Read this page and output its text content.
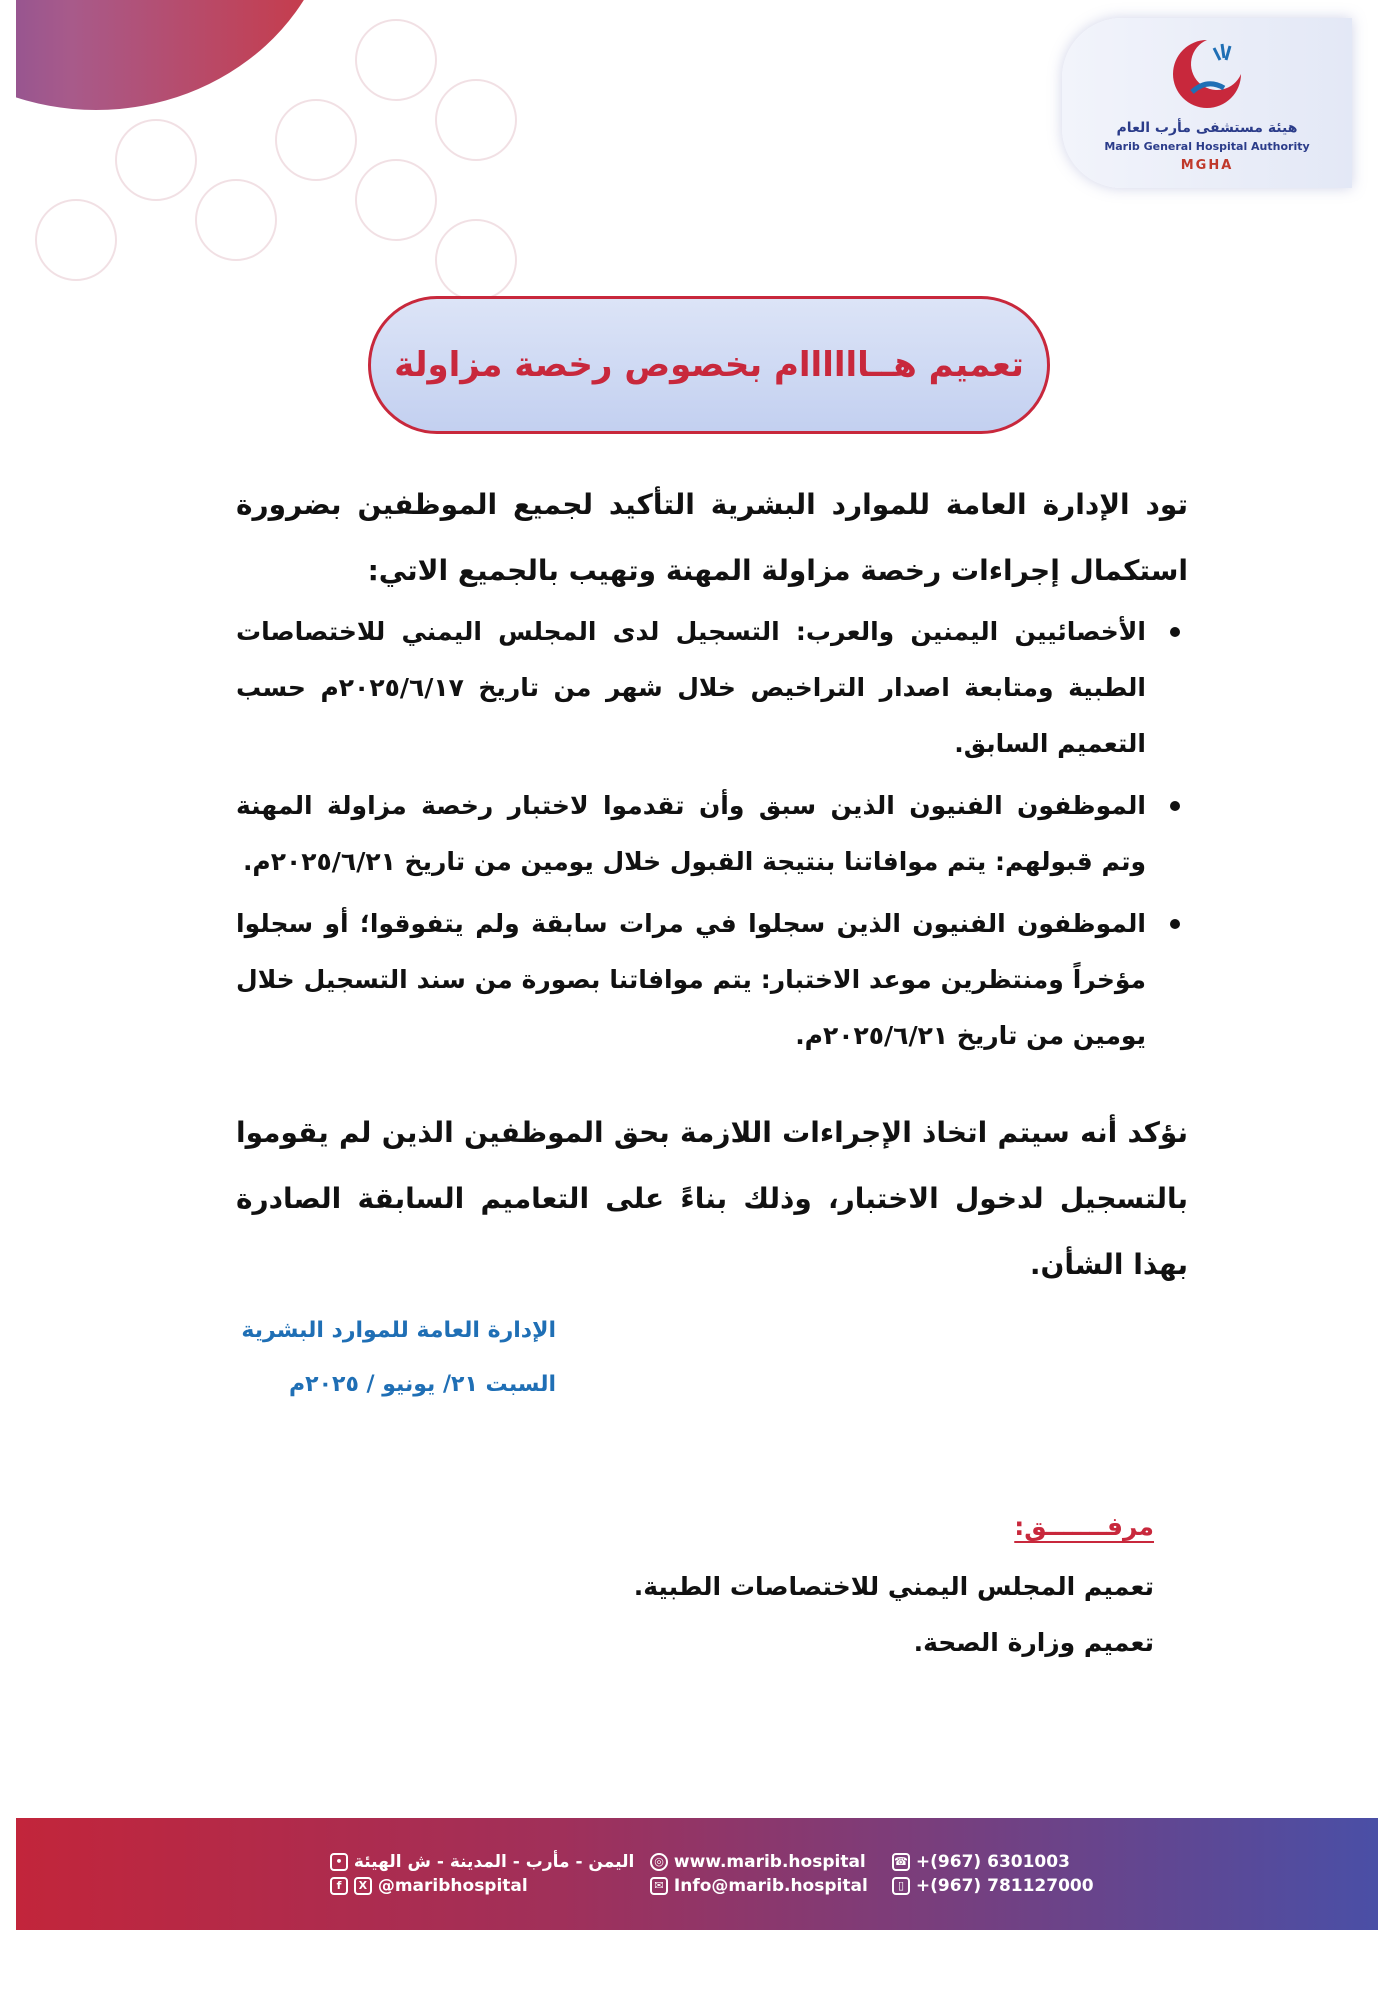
هيئة مستشفى مأرب العام
Marib General Hospital Authority
MGHA
تعميم هــاااااام بخصوص رخصة مزاولة
تود الإدارة العامة للموارد البشرية التأكيد لجميع الموظفين بضرورة استكمال إجراءات رخصة مزاولة المهنة وتهيب بالجميع الاتي:
الأخصائيين اليمنين والعرب: التسجيل لدى المجلس اليمني للاختصاصات الطبية ومتابعة اصدار التراخيص خلال شهر من تاريخ ٢٠٢٥/٦/١٧م حسب التعميم السابق.
الموظفون الفنيون الذين سبق وأن تقدموا لاختبار رخصة مزاولة المهنة وتم قبولهم: يتم موافاتنا بنتيجة القبول خلال يومين من تاريخ ٢٠٢٥/٦/٢١م.
الموظفون الفنيون الذين سجلوا في مرات سابقة ولم يتفوقوا؛ أو سجلوا مؤخراً ومنتظرين موعد الاختبار: يتم موافاتنا بصورة من سند التسجيل خلال يومين من تاريخ ٢٠٢٥/٦/٢١م.
نؤكد أنه سيتم اتخاذ الإجراءات اللازمة بحق الموظفين الذين لم يقوموا بالتسجيل لدخول الاختبار، وذلك بناءً على التعاميم السابقة الصادرة بهذا الشأن.
الإدارة العامة للموارد البشرية
السبت ٢١/ يونيو / ٢٠٢٥م
مرفـــــــق:
تعميم المجلس اليمني للاختصاصات الطبية.
تعميم وزارة الصحة.
• اليمن - مأرب - المدينة - ش الهيئة
f X @maribhospital
◎ www.marib.hospital
✉ Info@marib.hospital
☎ +(967) 6301003
▯ +(967) 781127000
